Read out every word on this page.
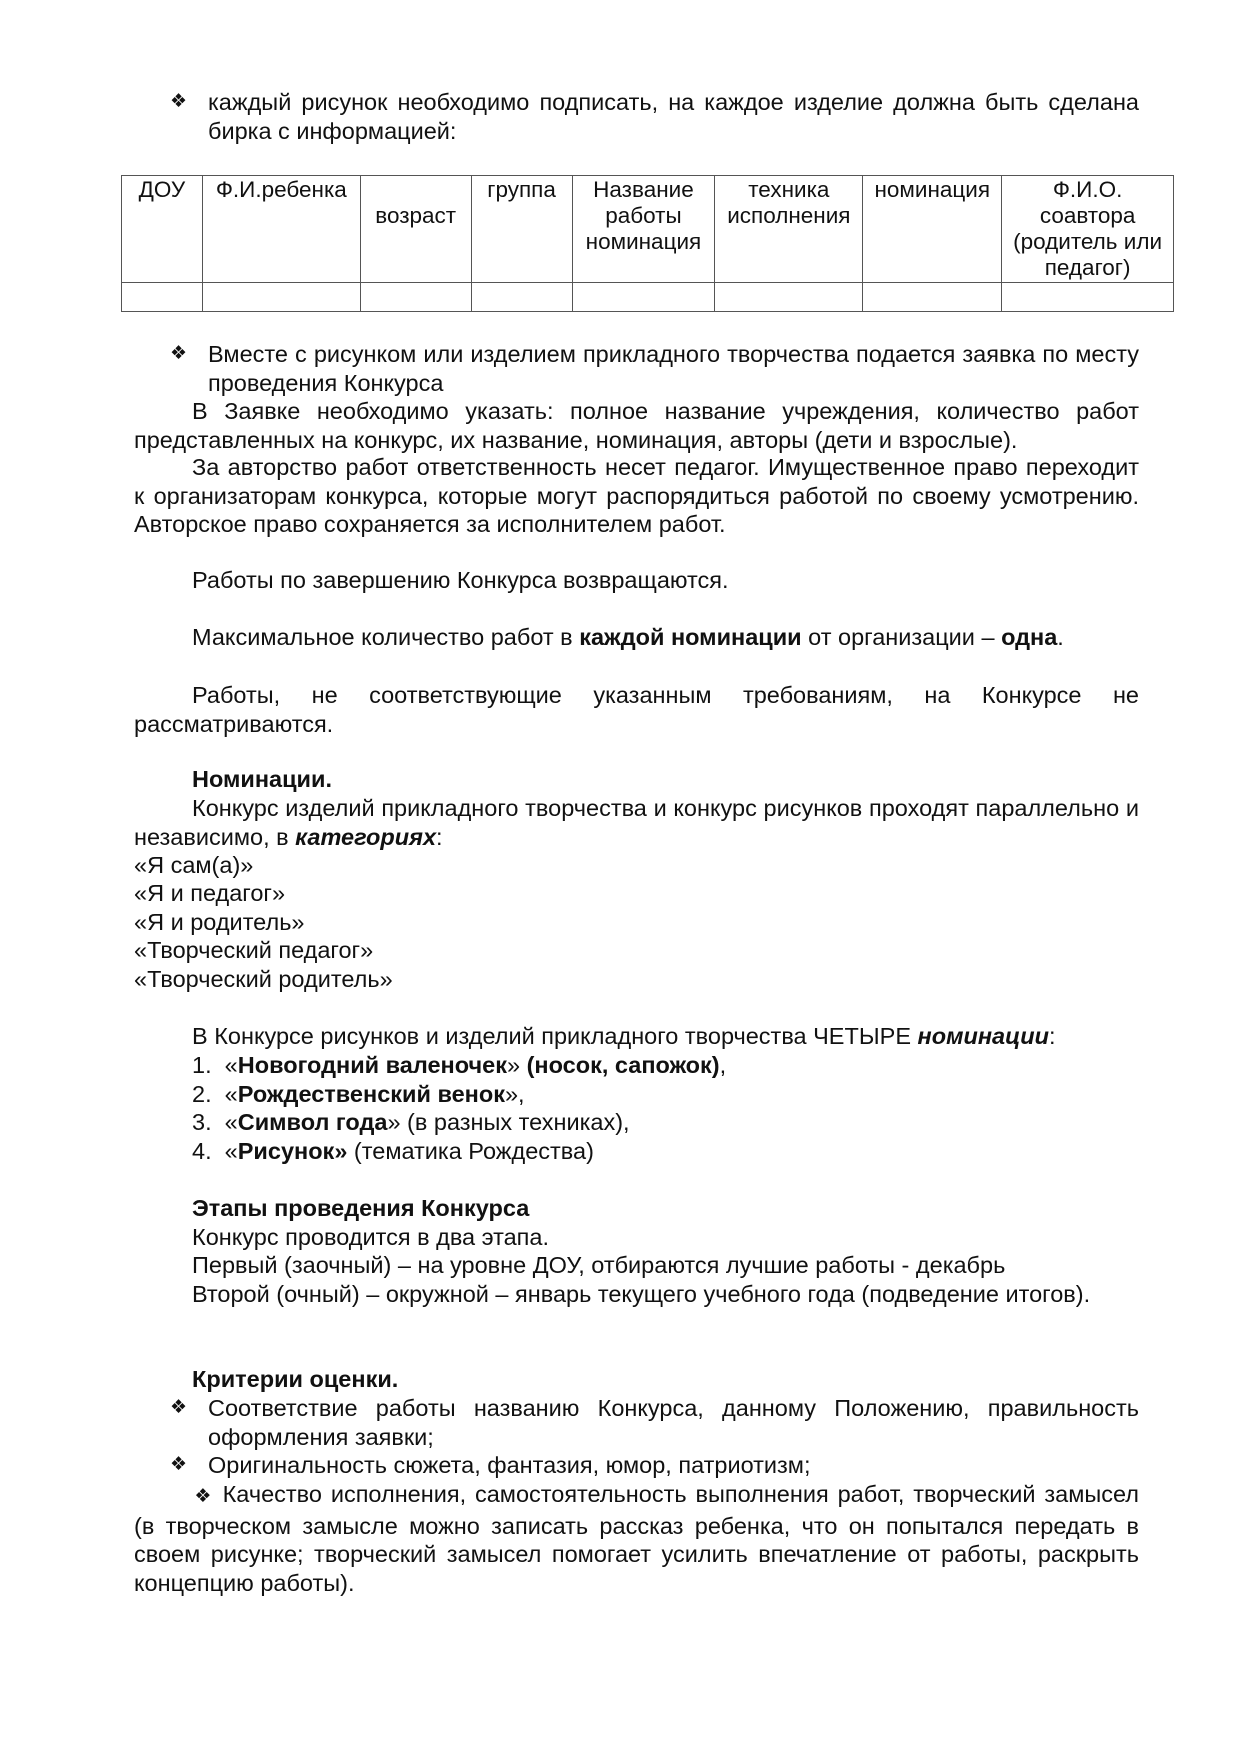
❖ каждый рисунок необходимо подписать, на каждое изделие должна быть сделана бирка с информацией:
ДОУ	Ф.И.ребенка	возраст	группа	Название работы номинация	техника исполнения	номинация	Ф.И.О. соавтора (родитель или педагог)

❖ Вместе с рисунком или изделием прикладного творчества подается заявка по месту проведения Конкурса
В Заявке необходимо указать: полное название учреждения, количество работ представленных на конкурс, их название, номинация, авторы (дети и взрослые).
За авторство работ ответственность несет педагог. Имущественное право переходит к организаторам конкурса, которые могут распорядиться работой по своему усмотрению. Авторское право сохраняется за исполнителем работ.
Работы по завершению Конкурса возвращаются.
Максимальное количество работ в каждой номинации от организации – одна.
Работы, не соответствующие указанным требованиям, на Конкурсе не рассматриваются.
Номинации.
Конкурс изделий прикладного творчества и конкурс рисунков проходят параллельно и независимо, в категориях:
«Я сам(а)»
«Я и педагог»
«Я и родитель»
«Творческий педагог»
«Творческий родитель»
В Конкурсе рисунков и изделий прикладного творчества ЧЕТЫРЕ номинации:
1. «Новогодний валеночек» (носок, сапожок),
2. «Рождественский венок»,
3. «Символ года» (в разных техниках),
4. «Рисунок» (тематика Рождества)
Этапы проведения Конкурса
Конкурс проводится в два этапа.
Первый (заочный) – на уровне ДОУ, отбираются лучшие работы - декабрь
Второй (очный) – окружной – январь текущего учебного года (подведение итогов).
Критерии оценки.
❖ Соответствие работы названию Конкурса, данному Положению, правильность оформления заявки;
❖ Оригинальность сюжета, фантазия, юмор, патриотизм;
❖ Качество исполнения, самостоятельность выполнения работ, творческий замысел (в творческом замысле можно записать рассказ ребенка, что он попытался передать в своем рисунке; творческий замысел помогает усилить впечатление от работы, раскрыть концепцию работы).
